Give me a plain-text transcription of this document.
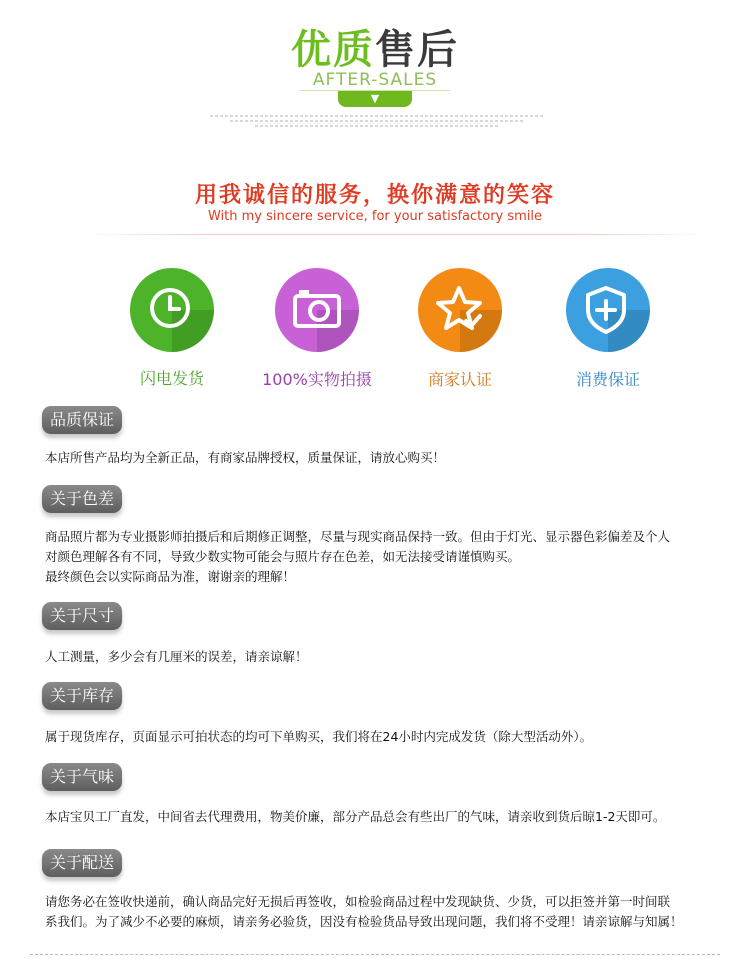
优质售后
AFTER-SALES
▼
用我诚信的服务，换你满意的笑容
With my sincere service, for your satisfactory smile
闪电发货	100%实物拍摄	商家认证	消费保证
品质保证
本店所售产品均为全新正品，有商家品牌授权，质量保证，请放心购买！
关于色差
商品照片都为专业摄影师拍摄后和后期修正调整，尽量与现实商品保持一致。但由于灯光、显示器色彩偏差及个人
对颜色理解各有不同，导致少数实物可能会与照片存在色差，如无法接受请谨慎购买。
最终颜色会以实际商品为准，谢谢亲的理解！
关于尺寸
人工测量，多少会有几厘米的误差，请亲谅解！
关于库存
属于现货库存，页面显示可拍状态的均可下单购买，我们将在24小时内完成发货（除大型活动外）。
关于气味
本店宝贝工厂直发，中间省去代理费用，物美价廉，部分产品总会有些出厂的气味，请亲收到货后晾1-2天即可。
关于配送
请您务必在签收快递前，确认商品完好无损后再签收，如检验商品过程中发现缺货、少货，可以拒签并第一时间联
系我们。为了减少不必要的麻烦，请亲务必验货，因没有检验货品导致出现问题，我们将不受理！请亲谅解与知属！
